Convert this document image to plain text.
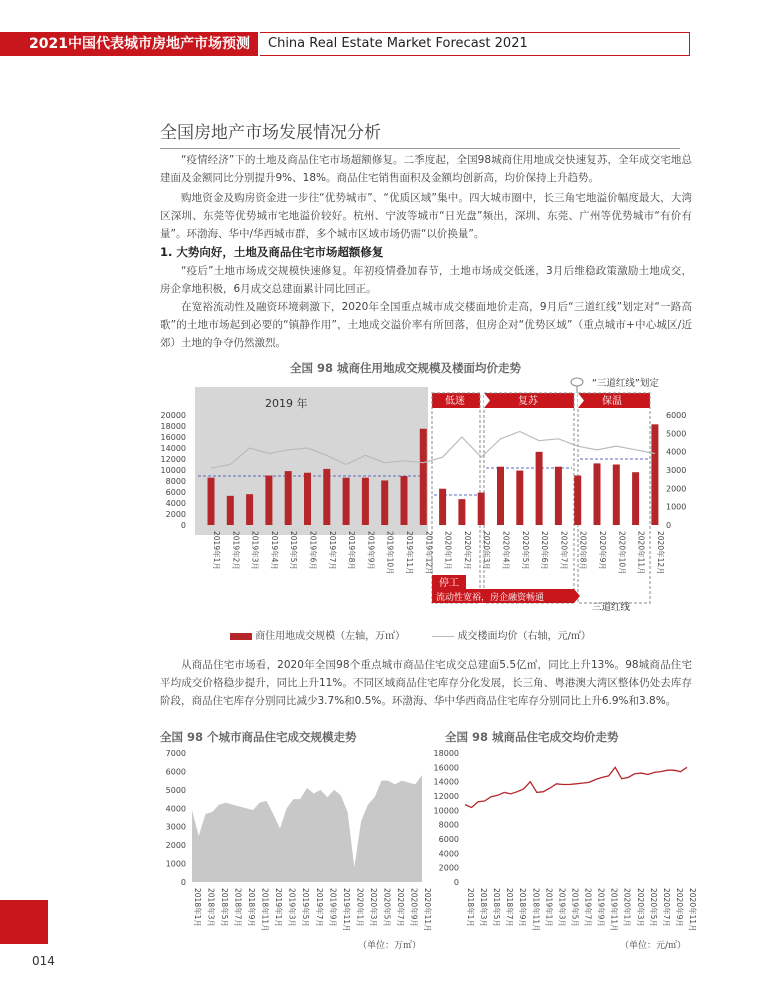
2021中国代表城市房地产市场预测	China Real Estate Market Forecast 2021
全国房地产市场发展情况分析

“疫情经济”下的土地及商品住宅市场超额修复。二季度起，全国98城商住用地成交快速复苏，全年成交宅地总建面及金额同比分别提升9%、18%。商品住宅销售面积及金额均创新高，均价保持上升趋势。

购地资金及购房资金进一步往“优势城市”、“优质区域”集中。四大城市圈中，长三角宅地溢价幅度最大，大湾区深圳、东莞等优势城市宅地溢价较好。杭州、宁波等城市“日光盘”频出，深圳、东莞、广州等优势城市“有价有量”。环渤海、华中/华西城市群，多个城市区域市场仍需“以价换量”。

1. 大势向好，土地及商品住宅市场超额修复

“疫后”土地市场成交规模快速修复。年初疫情叠加春节，土地市场成交低迷，3月后维稳政策激励土地成交，房企拿地积极，6月成交总建面累计同比回正。

在宽裕流动性及融资环境刺激下，2020年全国重点城市成交楼面地价走高，9月后“三道红线”划定对“一路高歌”的土地市场起到必要的“镇静作用”，土地成交溢价率有所回落，但房企对“优势区域”（重点城市+中心城区/近郊）土地的争夺仍然激烈。

全国 98 城商住用地成交规模及楼面均价走势
20000
18000
16000
14000
12000
10000
8000
6000
4000
2000
0
6000
5000
4000
3000
2000
1000
0
2019年1月 2019年2月 2019年3月 2019年4月 2019年5月 2019年6月 2019年7月 2019年8月 2019年9月 2019年10月 2019年11月 2019年12月 2020年1月 2020年2月 2020年3月 2020年4月 2020年5月 2020年6月 2020年7月 2020年8月 2020年9月 2020年10月 2020年11月 2020年12月
2019 年	低迷	复苏	保温
“三道红线”划定
停工
流动性宽裕，房企融资畅通
三道红线
商住用地成交规模（左轴，万㎡）	成交楼面均价（右轴，元/㎡）

从商品住宅市场看，2020年全国98个重点城市商品住宅成交总建面5.5亿㎡，同比上升13%。98城商品住宅平均成交价格稳步提升，同比上升11%。不同区域商品住宅库存分化发展，长三角、粤港澳大湾区整体仍处去库存阶段，商品住宅库存分别同比减少3.7%和0.5%。环渤海、华中华西商品住宅库存分别同比上升6.9%和3.8%。

全国 98 个城市商品住宅成交规模走势	全国 98 城商品住宅成交均价走势
7000
6000
5000
4000
3000
2000
1000
0
2018年1月 2018年3月 2018年5月 2018年7月 2018年9月 2018年11月 2019年1月 2019年3月 2019年5月 2019年7月 2019年9月 2019年11月 2020年1月 2020年3月 2020年5月 2020年7月 2020年9月 2020年11月
（单位：万㎡）
18000
16000
14000
12000
10000
8000
6000
4000
2000
0
2018年1月 2018年3月 2018年5月 2018年7月 2018年9月 2018年11月 2019年1月 2019年3月 2019年5月 2019年7月 2019年9月 2019年11月 2020年1月 2020年3月 2020年5月 2020年7月 2020年9月 2020年11月
（单位：元/㎡）
014
